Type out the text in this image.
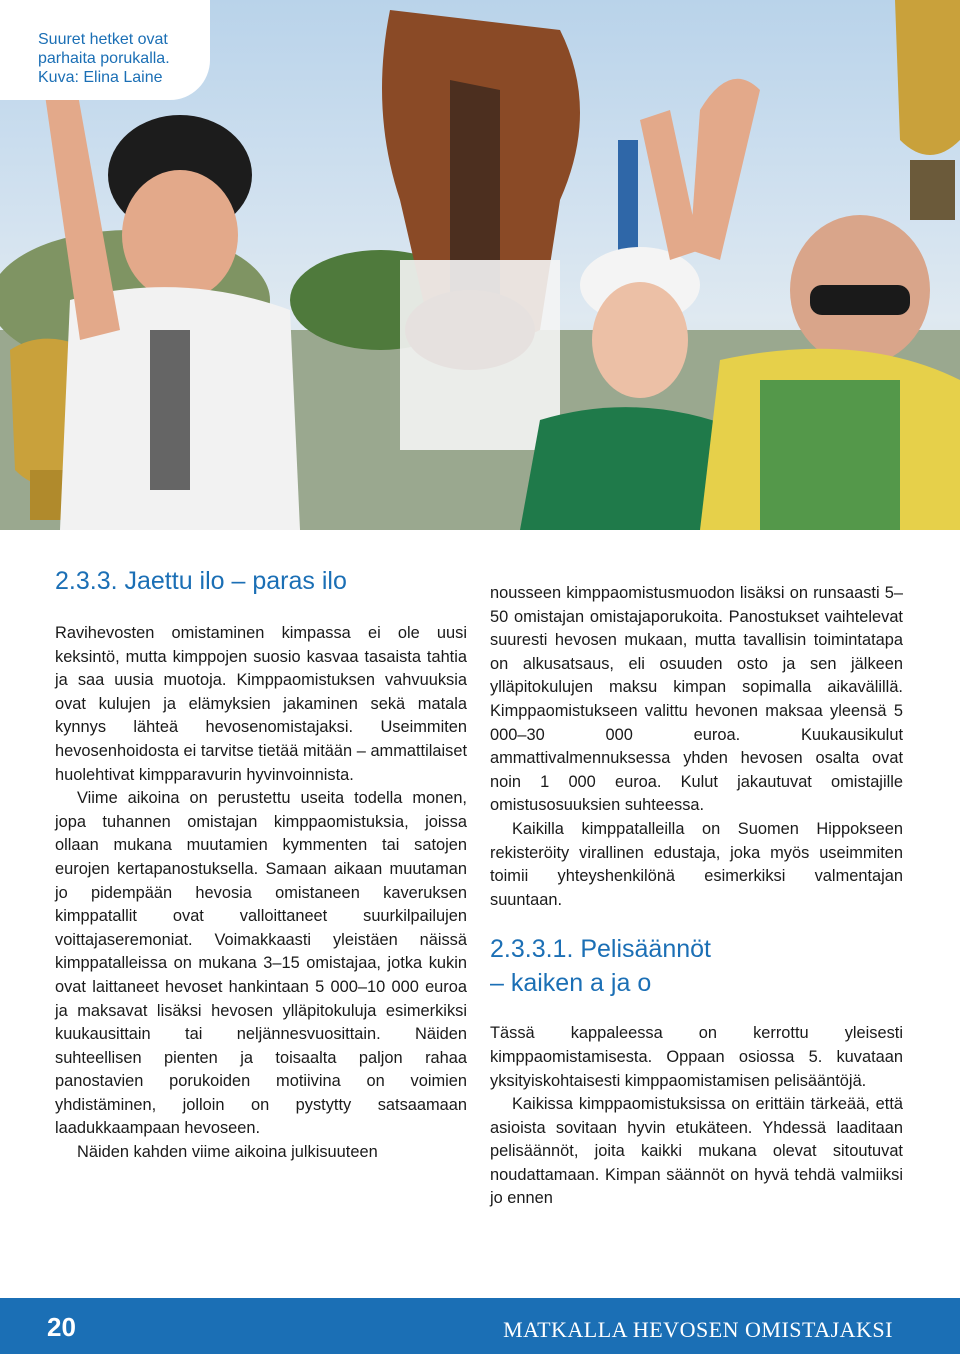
Suuret hetket ovat parhaita porukalla. Kuva: Elina Laine
2.3.3. Jaettu ilo – paras ilo

Ravihevosten omistaminen kimpassa ei ole uusi keksintö, mutta kimppojen suosio kasvaa tasaista tahtia ja saa uusia muotoja. Kimppaomistuksen vahvuuksia ovat kulujen ja elämyksien jakaminen sekä matala kynnys lähteä hevosenomistajaksi. Useimmiten hevosenhoidosta ei tarvitse tietää mitään – ammattilaiset huolehtivat kimpparavurin hyvinvoinnista.

Viime aikoina on perustettu useita todella monen, jopa tuhannen omistajan kimppaomistuksia, joissa ollaan mukana muutamien kymmenten tai satojen eurojen kertapanostuksella. Samaan aikaan muutaman jo pidempään hevosia omistaneen kaveruksen kimppatallit ovat valloittaneet suurkilpailujen voittajaseremoniat. Voimakkaasti yleistäen näissä kimppatalleissa on mukana 3–15 omistajaa, jotka kukin ovat laittaneet hevoset hankintaan 5 000–10 000 euroa ja maksavat lisäksi hevosen ylläpitokuluja esimerkiksi kuukausittain tai neljännesvuosittain. Näiden suhteellisen pienten ja toisaalta paljon rahaa panostavien porukoiden motiivina on voimien yhdistäminen, jolloin on pystytty satsaamaan laadukkaampaan hevoseen.

Näiden kahden viime aikoina julkisuuteen

nousseen kimppaomistusmuodon lisäksi on runsaasti 5–50 omistajan omistajaporukoita. Panostukset vaihtelevat suuresti hevosen mukaan, mutta tavallisin toimintatapa on alkusatsaus, eli osuuden osto ja sen jälkeen ylläpitokulujen maksu kimpan sopimalla aikavälillä. Kimppaomistukseen valittu hevonen maksaa yleensä 5 000–30 000 euroa. Kuukausikulut ammattivalmennuksessa yhden hevosen osalta ovat noin 1 000 euroa. Kulut jakautuvat omistajille omistusosuuksien suhteessa.

Kaikilla kimppatalleilla on Suomen Hippokseen rekisteröity virallinen edustaja, joka myös useimmiten toimii yhteyshenkilönä esimerkiksi valmentajan suuntaan.

2.3.3.1. Pelisäännöt
– kaiken a ja o

Tässä kappaleessa on kerrottu yleisesti kimppaomistamisesta. Oppaan osiossa 5. kuvataan yksityiskohtaisesti kimppaomistamisen pelisääntöjä.

Kaikissa kimppaomistuksissa on erittäin tärkeää, että asioista sovitaan hyvin etukäteen. Yhdessä laaditaan pelisäännöt, joita kaikki mukana olevat sitoutuvat noudattamaan. Kimpan säännöt on hyvä tehdä valmiiksi jo ennen

20	MATKALLA HEVOSEN OMISTAJAKSI
